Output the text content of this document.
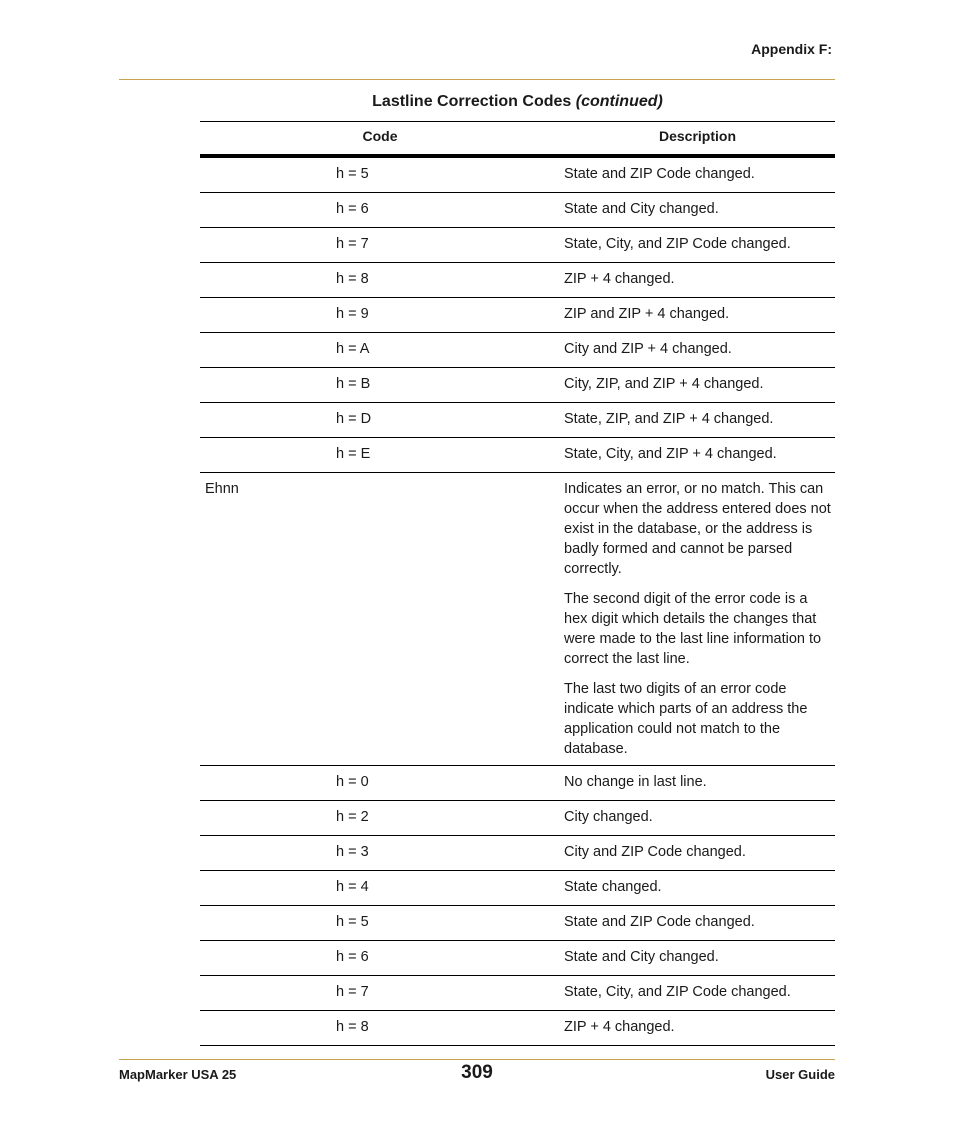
Appendix F:
Lastline Correction Codes (continued)
Code	Description
h = 5	State and ZIP Code changed.
h = 6	State and City changed.
h = 7	State, City, and ZIP Code changed.
h = 8	ZIP + 4 changed.
h = 9	ZIP and ZIP + 4 changed.
h = A	City and ZIP + 4 changed.
h = B	City, ZIP, and ZIP + 4 changed.
h = D	State, ZIP, and ZIP + 4 changed.
h = E	State, City, and ZIP + 4 changed.
Ehnn	Indicates an error, or no match. This can occur when the address entered does not exist in the database, or the address is badly formed and cannot be parsed correctly.

The second digit of the error code is a hex digit which details the changes that were made to the last line information to correct the last line.

The last two digits of an error code indicate which parts of an address the application could not match to the database.

h = 0	No change in last line.
h = 2	City changed.
h = 3	City and ZIP Code changed.
h = 4	State changed.
h = 5	State and ZIP Code changed.
h = 6	State and City changed.
h = 7	State, City, and ZIP Code changed.
h = 8	ZIP + 4 changed.
MapMarker USA 25	309	User Guide
